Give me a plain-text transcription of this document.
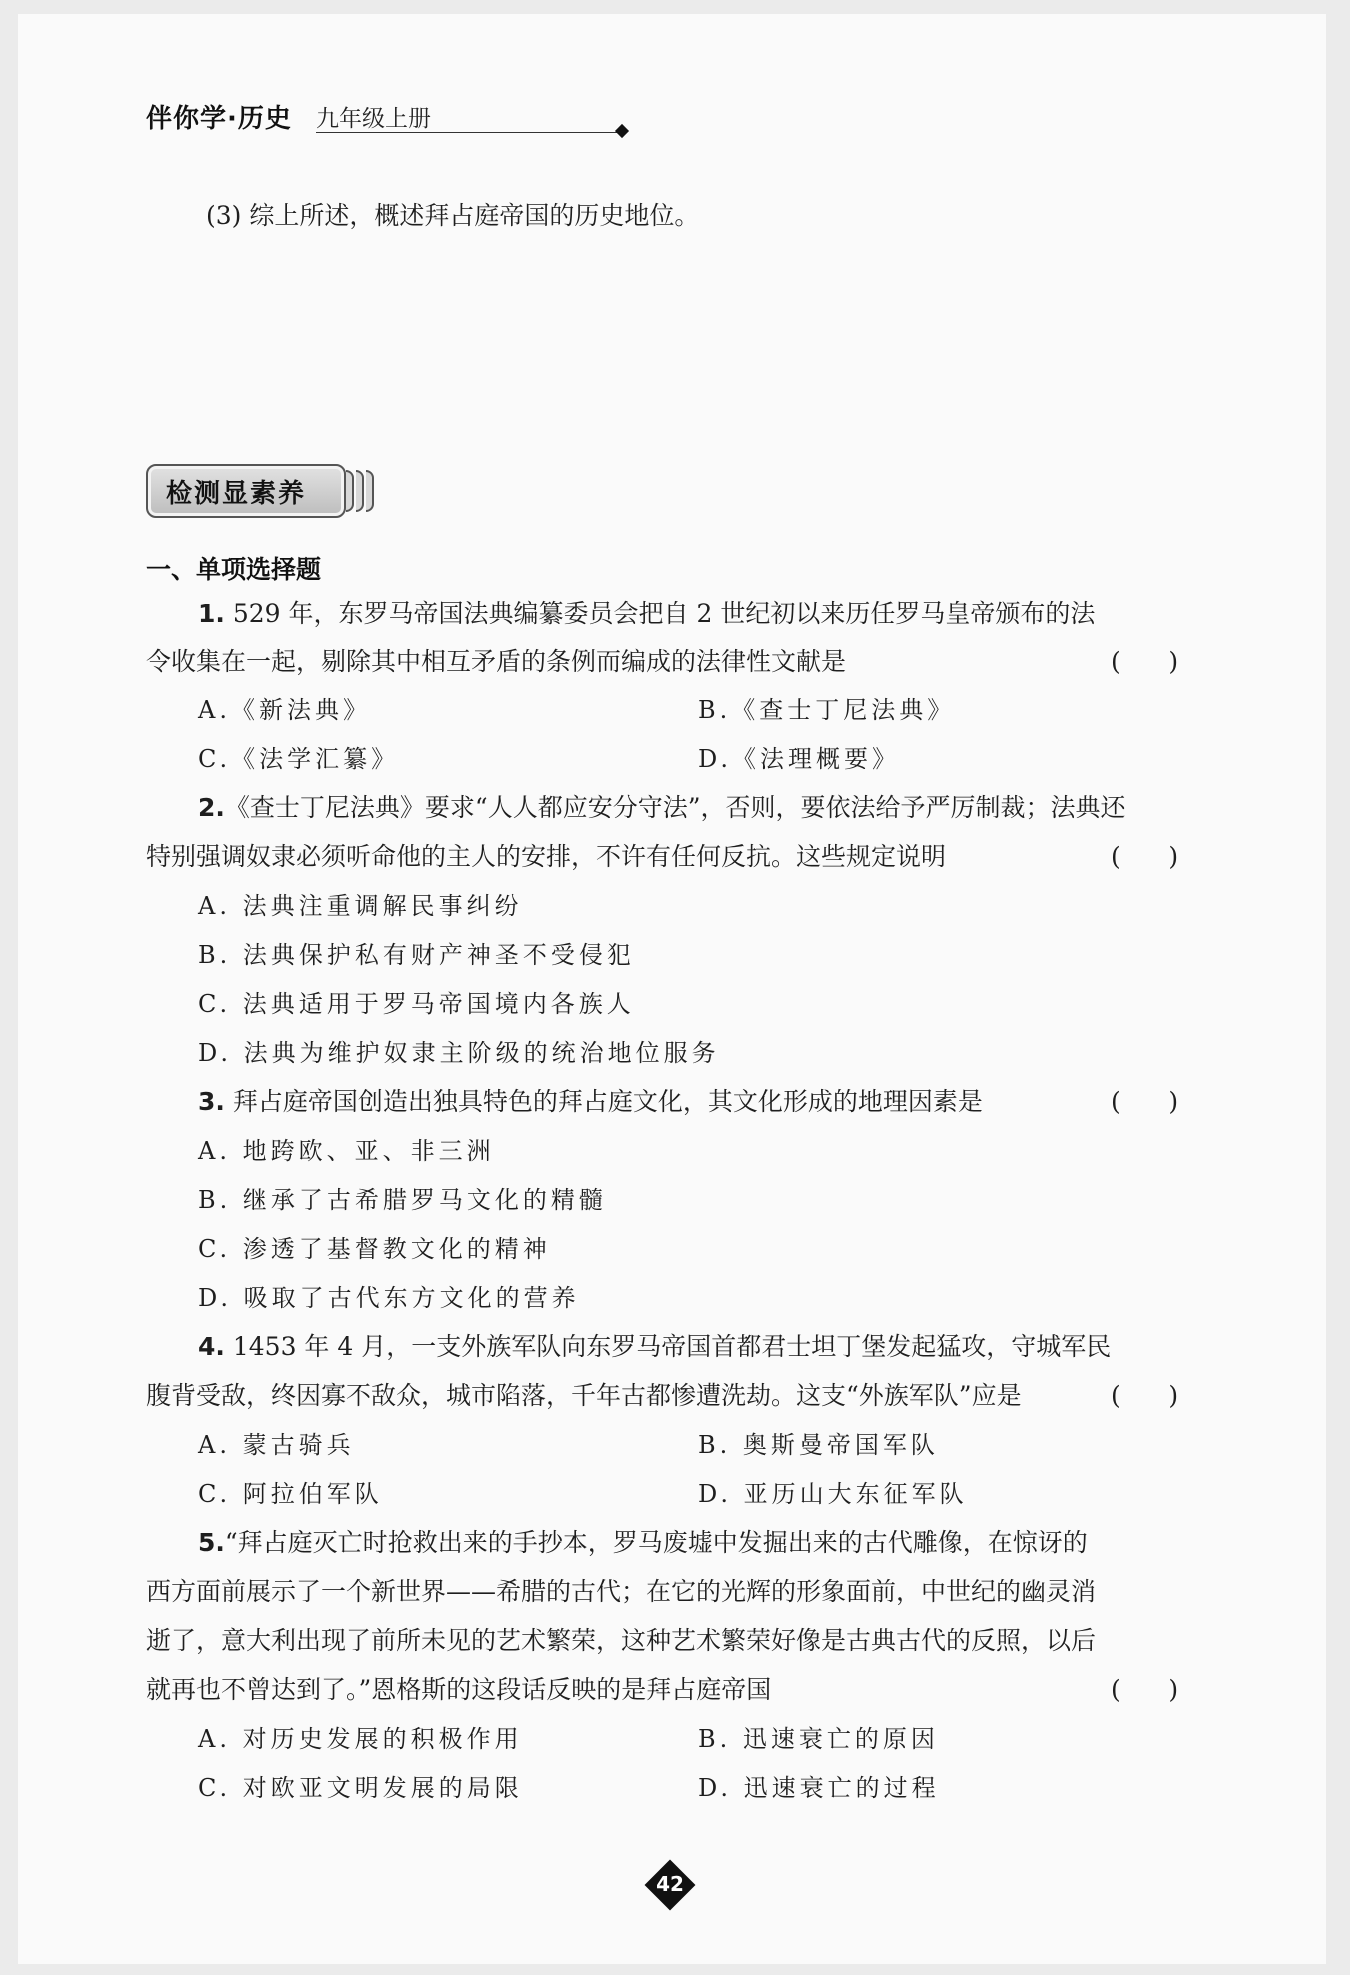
伴你学·历史 九年级上册
(3) 综上所述，概述拜占庭帝国的历史地位。
检测显素养
一、单项选择题
1. 529 年，东罗马帝国法典编纂委员会把自 2 世纪初以来历任罗马皇帝颁布的法
令收集在一起，剔除其中相互矛盾的条例而编成的法律性文献是	(      )
A.《新法典》	B.《查士丁尼法典》
C.《法学汇纂》	D.《法理概要》
2.《查士丁尼法典》要求“人人都应安分守法”，否则，要依法给予严厉制裁；法典还
特别强调奴隶必须听命他的主人的安排，不许有任何反抗。这些规定说明	(      )
A. 法典注重调解民事纠纷
B. 法典保护私有财产神圣不受侵犯
C. 法典适用于罗马帝国境内各族人
D. 法典为维护奴隶主阶级的统治地位服务
3. 拜占庭帝国创造出独具特色的拜占庭文化，其文化形成的地理因素是	(      )
A. 地跨欧、亚、非三洲
B. 继承了古希腊罗马文化的精髓
C. 渗透了基督教文化的精神
D. 吸取了古代东方文化的营养
4. 1453 年 4 月，一支外族军队向东罗马帝国首都君士坦丁堡发起猛攻，守城军民
腹背受敌，终因寡不敌众，城市陷落，千年古都惨遭洗劫。这支“外族军队”应是	(      )
A. 蒙古骑兵	B. 奥斯曼帝国军队
C. 阿拉伯军队	D. 亚历山大东征军队
5.“拜占庭灭亡时抢救出来的手抄本，罗马废墟中发掘出来的古代雕像，在惊讶的
西方面前展示了一个新世界——希腊的古代；在它的光辉的形象面前，中世纪的幽灵消
逝了，意大利出现了前所未见的艺术繁荣，这种艺术繁荣好像是古典古代的反照，以后
就再也不曾达到了。”恩格斯的这段话反映的是拜占庭帝国	(      )
A. 对历史发展的积极作用	B. 迅速衰亡的原因
C. 对欧亚文明发展的局限	D. 迅速衰亡的过程
42
